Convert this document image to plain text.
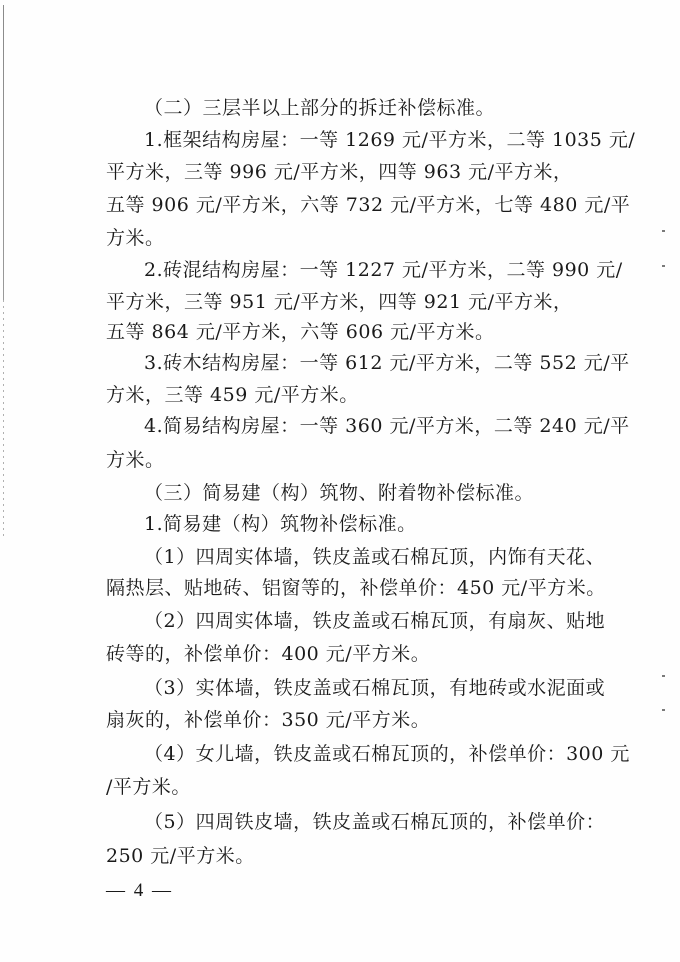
（二）三层半以上部分的拆迁补偿标准。
1.框架结构房屋：一等 1269 元/平方米，二等 1035 元/
平方米，三等 996 元/平方米，四等 963 元/平方米，
五等 906 元/平方米，六等 732 元/平方米，七等 480 元/平
方米。
2.砖混结构房屋：一等 1227 元/平方米，二等 990 元/
平方米，三等 951 元/平方米，四等 921 元/平方米，
五等 864 元/平方米，六等 606 元/平方米。
3.砖木结构房屋：一等 612 元/平方米，二等 552 元/平
方米，三等 459 元/平方米。
4.简易结构房屋：一等 360 元/平方米，二等 240 元/平
方米。
（三）简易建（构）筑物、附着物补偿标准。
1.简易建（构）筑物补偿标准。
（1）四周实体墙，铁皮盖或石棉瓦顶，内饰有天花、
隔热层、贴地砖、铝窗等的，补偿单价：450 元/平方米。
（2）四周实体墙，铁皮盖或石棉瓦顶，有扇灰、贴地
砖等的，补偿单价：400 元/平方米。
（3）实体墙，铁皮盖或石棉瓦顶，有地砖或水泥面或
扇灰的，补偿单价：350 元/平方米。
（4）女儿墙，铁皮盖或石棉瓦顶的，补偿单价：300 元
/平方米。
（5）四周铁皮墙，铁皮盖或石棉瓦顶的，补偿单价：
250 元/平方米。
— 4 —
